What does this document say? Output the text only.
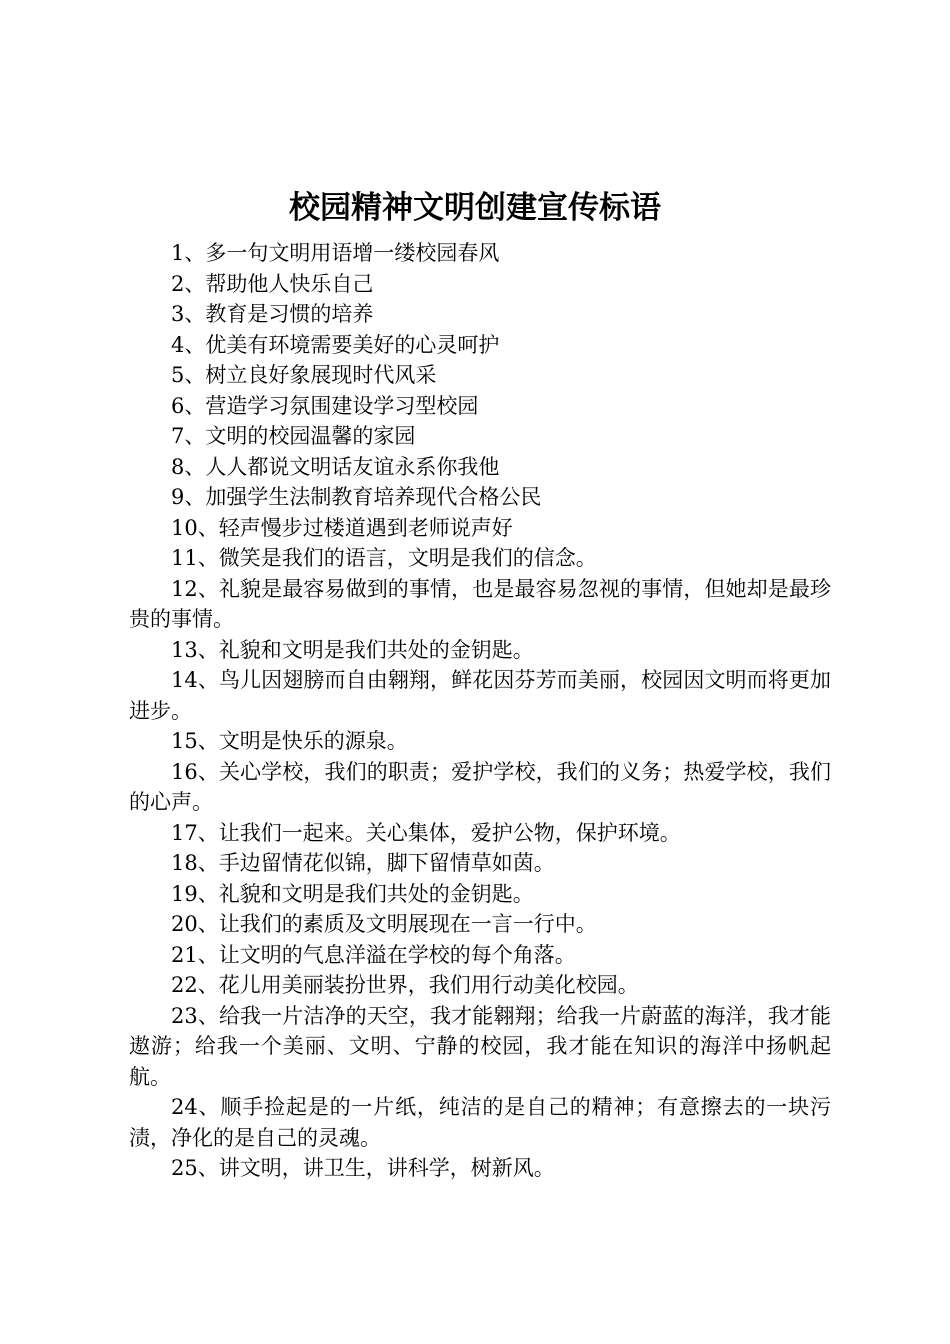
校园精神文明创建宣传标语

1、多一句文明用语增一缕校园春风

2、帮助他人快乐自己

3、教育是习惯的培养

4、优美有环境需要美好的心灵呵护

5、树立良好象展现时代风采

6、营造学习氛围建设学习型校园

7、文明的校园温馨的家园

8、人人都说文明话友谊永系你我他

9、加强学生法制教育培养现代合格公民

10、轻声慢步过楼道遇到老师说声好

11、微笑是我们的语言，文明是我们的信念。

12、礼貌是最容易做到的事情，也是最容易忽视的事情，但她却是最珍贵的事情。

13、礼貌和文明是我们共处的金钥匙。

14、鸟儿因翅膀而自由翱翔，鲜花因芬芳而美丽，校园因文明而将更加进步。

15、文明是快乐的源泉。

16、关心学校，我们的职责；爱护学校，我们的义务；热爱学校，我们的心声。

17、让我们一起来。关心集体，爱护公物，保护环境。

18、手边留情花似锦，脚下留情草如茵。

19、礼貌和文明是我们共处的金钥匙。

20、让我们的素质及文明展现在一言一行中。

21、让文明的气息洋溢在学校的每个角落。

22、花儿用美丽装扮世界，我们用行动美化校园。

23、给我一片洁净的天空，我才能翱翔；给我一片蔚蓝的海洋，我才能遨游；给我一个美丽、文明、宁静的校园，我才能在知识的海洋中扬帆起航。

24、顺手捡起是的一片纸，纯洁的是自己的精神；有意擦去的一块污渍，净化的是自己的灵魂。

25、讲文明，讲卫生，讲科学，树新风。
